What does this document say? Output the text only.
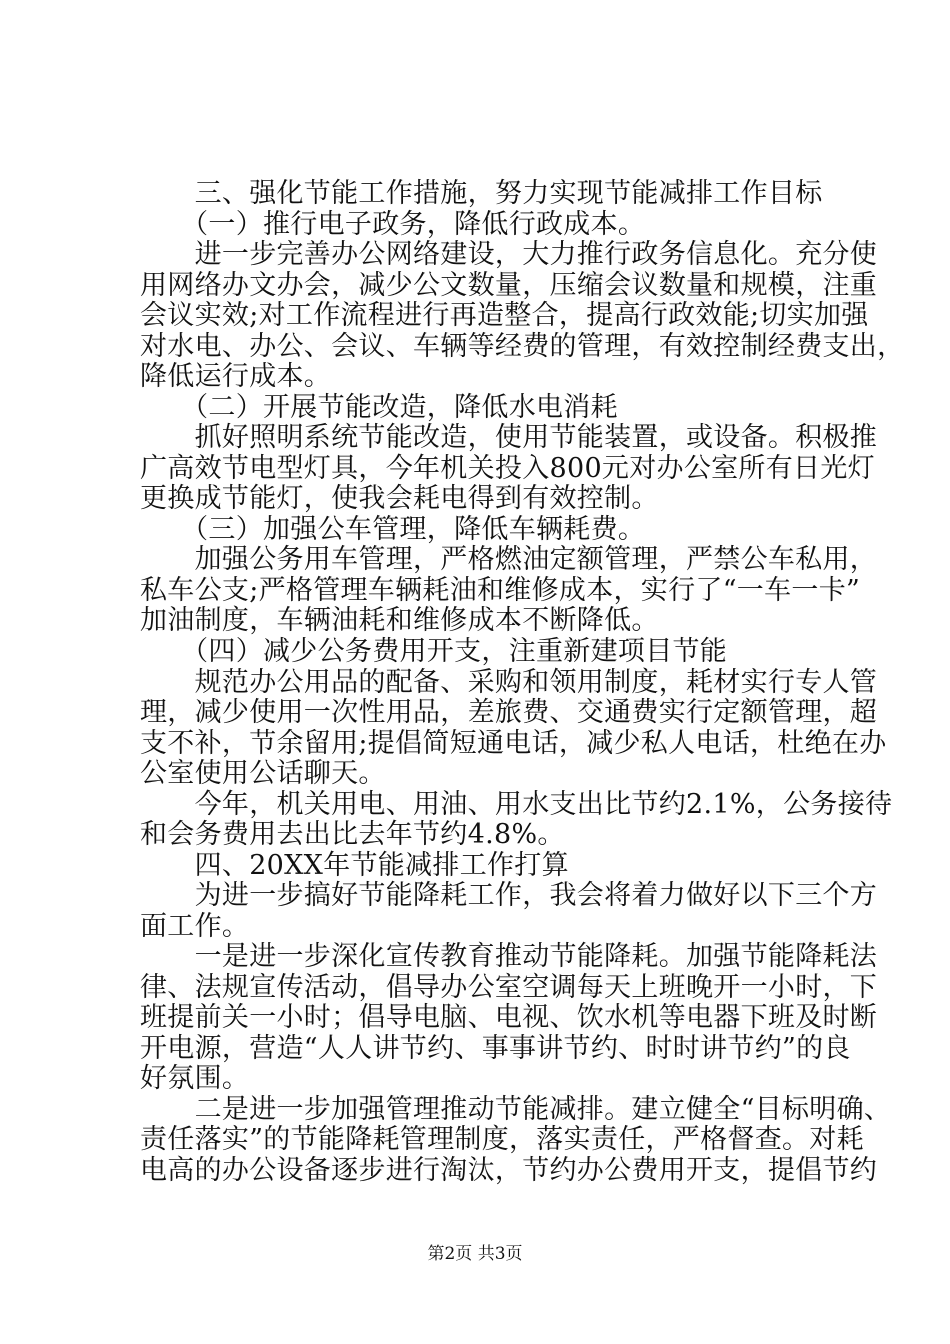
　　三、强化节能工作措施，努力实现节能减排工作目标
　　（一）推行电子政务，降低行政成本。
　　进一步完善办公网络建设，大力推行政务信息化。充分使
用网络办文办会，减少公文数量，压缩会议数量和规模，注重
会议实效;对工作流程进行再造整合，提高行政效能;切实加强
对水电、办公、会议、车辆等经费的管理，有效控制经费支出，
降低运行成本。
　　（二）开展节能改造，降低水电消耗
　　抓好照明系统节能改造，使用节能装置，或设备。积极推
广高效节电型灯具，今年机关投入800元对办公室所有日光灯
更换成节能灯，使我会耗电得到有效控制。
　　（三）加强公车管理，降低车辆耗费。
　　加强公务用车管理，严格燃油定额管理，严禁公车私用，
私车公支;严格管理车辆耗油和维修成本，实行了“一车一卡”
加油制度，车辆油耗和维修成本不断降低。
　　（四）减少公务费用开支，注重新建项目节能
　　规范办公用品的配备、采购和领用制度，耗材实行专人管
理，减少使用一次性用品，差旅费、交通费实行定额管理，超
支不补，节余留用;提倡简短通电话，减少私人电话，杜绝在办
公室使用公话聊天。
　　今年，机关用电、用油、用水支出比节约2.1%，公务接待
和会务费用去出比去年节约4.8%。
　　四、20XX年节能减排工作打算
　　为进一步搞好节能降耗工作，我会将着力做好以下三个方
面工作。
　　一是进一步深化宣传教育推动节能降耗。加强节能降耗法
律、法规宣传活动，倡导办公室空调每天上班晚开一小时，下
班提前关一小时；倡导电脑、电视、饮水机等电器下班及时断
开电源，营造“人人讲节约、事事讲节约、时时讲节约”的良
好氛围。
　　二是进一步加强管理推动节能减排。建立健全“目标明确、
责任落实”的节能降耗管理制度，落实责任，严格督查。对耗
电高的办公设备逐步进行淘汰，节约办公费用开支，提倡节约
第2页 共3页
